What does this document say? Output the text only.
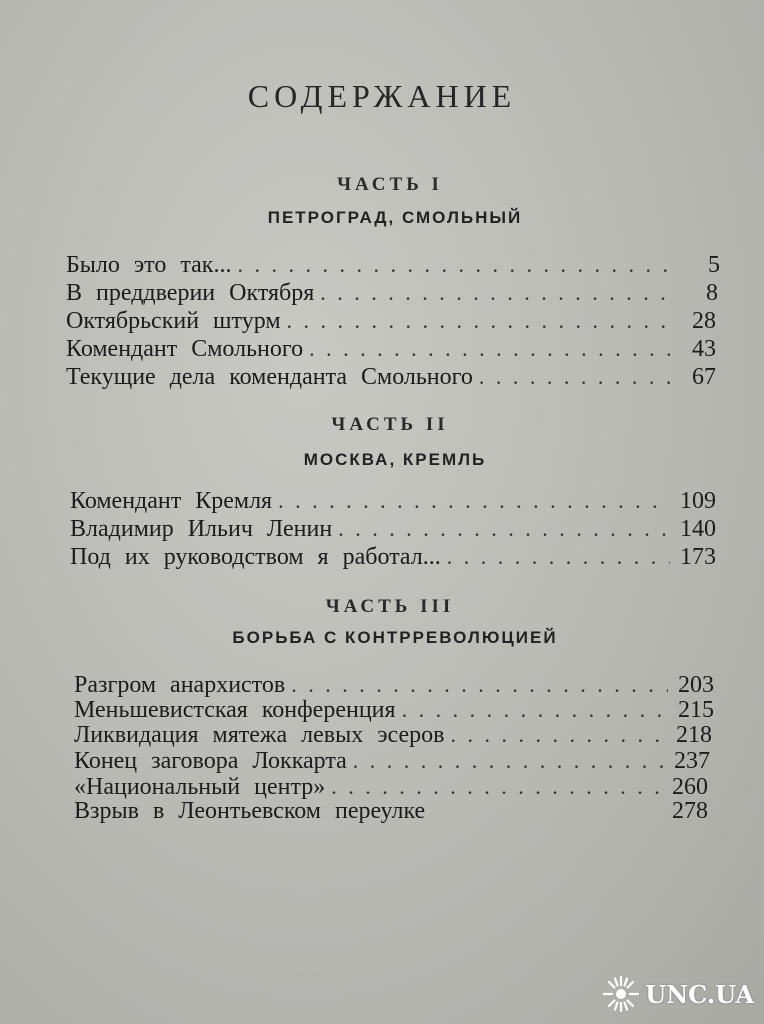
СОДЕРЖАНИЕ
ЧАСТЬ I
ПЕТРОГРАД, СМОЛЬНЫЙ
Было это так... . . .	5
В преддверии Октября . . .	8
Октябрьский штурм . . .	28
Комендант Смольного . . .	43
Текущие дела коменданта Смольного . . .	67
ЧАСТЬ II
МОСКВА, КРЕМЛЬ
Комендант Кремля . . .	109
Владимир Ильич Ленин . . .	140
Под их руководством я работал... . . .	173
ЧАСТЬ III
БОРЬБА С КОНТРРЕВОЛЮЦИЕЙ
Разгром анархистов . . .	203
Меньшевистская конференция . . .	215
Ликвидация мятежа левых эсеров . . .	218
Конец заговора Локкарта . . .	237
«Национальный центр» . . .	260
Взрыв в Леонтьевском переулке	278
UNC.UA
